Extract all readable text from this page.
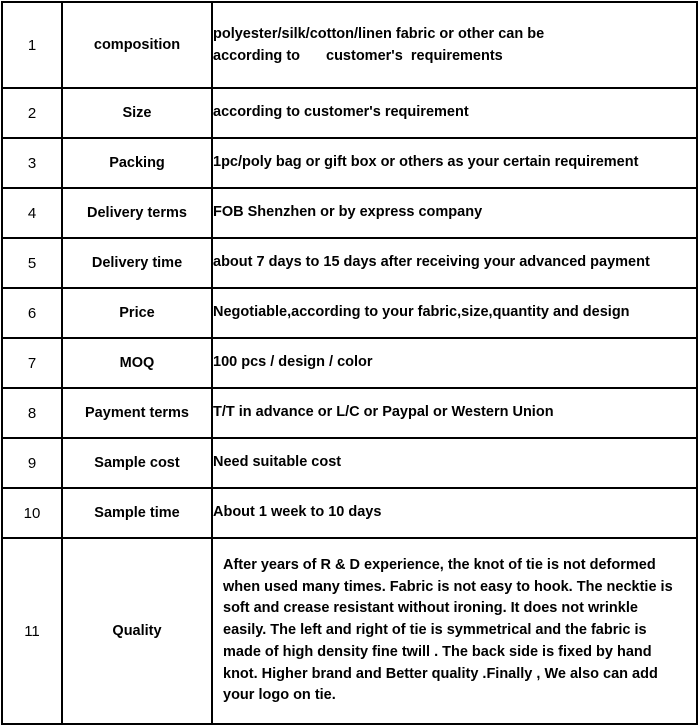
1	composition	polyester/silk/cotton/linen fabric or other can be
according to customer's requirements

2	Size	according to customer's requirement
3	Packing	1pc/poly bag or gift box or others as your certain requirement
4	Delivery terms	FOB Shenzhen or by express company
5	Delivery time	about 7 days to 15 days after receiving your advanced payment
6	Price	Negotiable,according to your fabric,size,quantity and design
7	MOQ	100 pcs / design / color
8	Payment terms	T/T in advance or L/C or Paypal or Western Union
9	Sample cost	Need suitable cost
10	Sample time	About 1 week to 10 days
11	Quality	After years of R & D experience, the knot of tie is not deformed when used many times. Fabric is not easy to hook. The necktie is soft and crease resistant without ironing. It does not wrinkle easily. The left and right of tie is symmetrical and the fabric is made of high density fine twill . The back side is fixed by hand knot. Higher brand and Better quality .Finally , We also can add your logo on tie.
